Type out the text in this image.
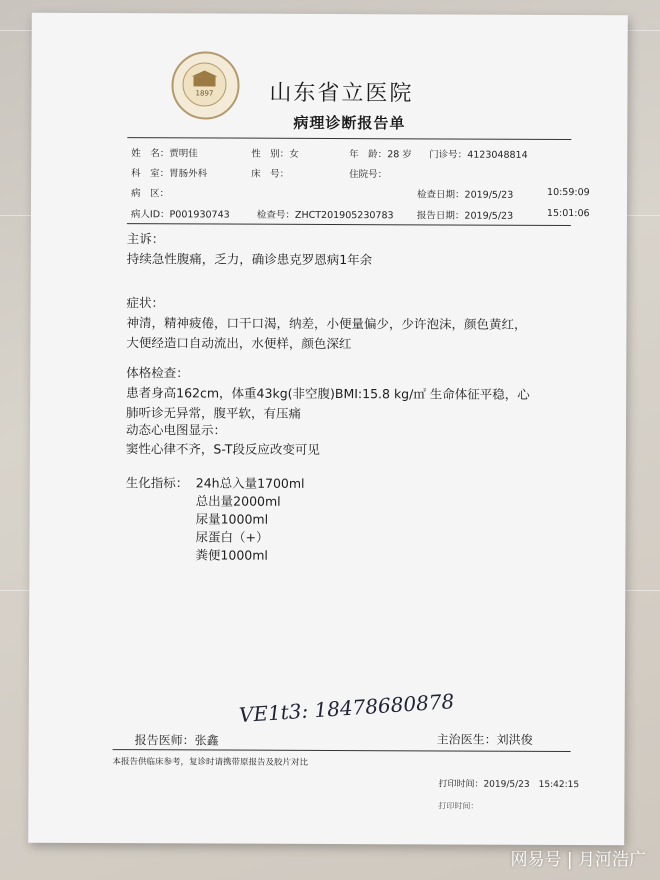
1897	山东省立医院
病理诊断报告单
姓　名：贾明佳	性　别：女	年　龄：28 岁 门诊号：4123048814
科　室：胃肠外科	床　号：	住院号：
病　区：	检查日期：2019/5/23	10:59:09
病人ID：P001930743	检查号：ZHCT201905230783 报告日期：2019/5/23	15:01:06
主诉：
持续急性腹痛，乏力，确诊患克罗恩病1年余
症状：
神清，精神疲倦，口干口渴，纳差，小便量偏少，少许泡沫，颜色黄红，
大便经造口自动流出，水便样，颜色深红
体格检查：
患者身高162cm，体重43kg(非空腹)BMI:15.8 kg/㎡ 生命体征平稳，心
肺听诊无异常，腹平软，有压痛
动态心电图显示：
窦性心律不齐，S-T段反应改变可见
生化指标： 24h总入量1700ml
总出量2000ml
尿量1000ml
尿蛋白（+）
粪便1000ml
VE1t3: 18478680878
报告医师：张鑫	主治医生：刘洪俊
本报告供临床参考，复诊时请携带原报告及胶片对比
打印时间：2019/5/23　 15:42:15
打印时间：
网易号 | 月河浩广
